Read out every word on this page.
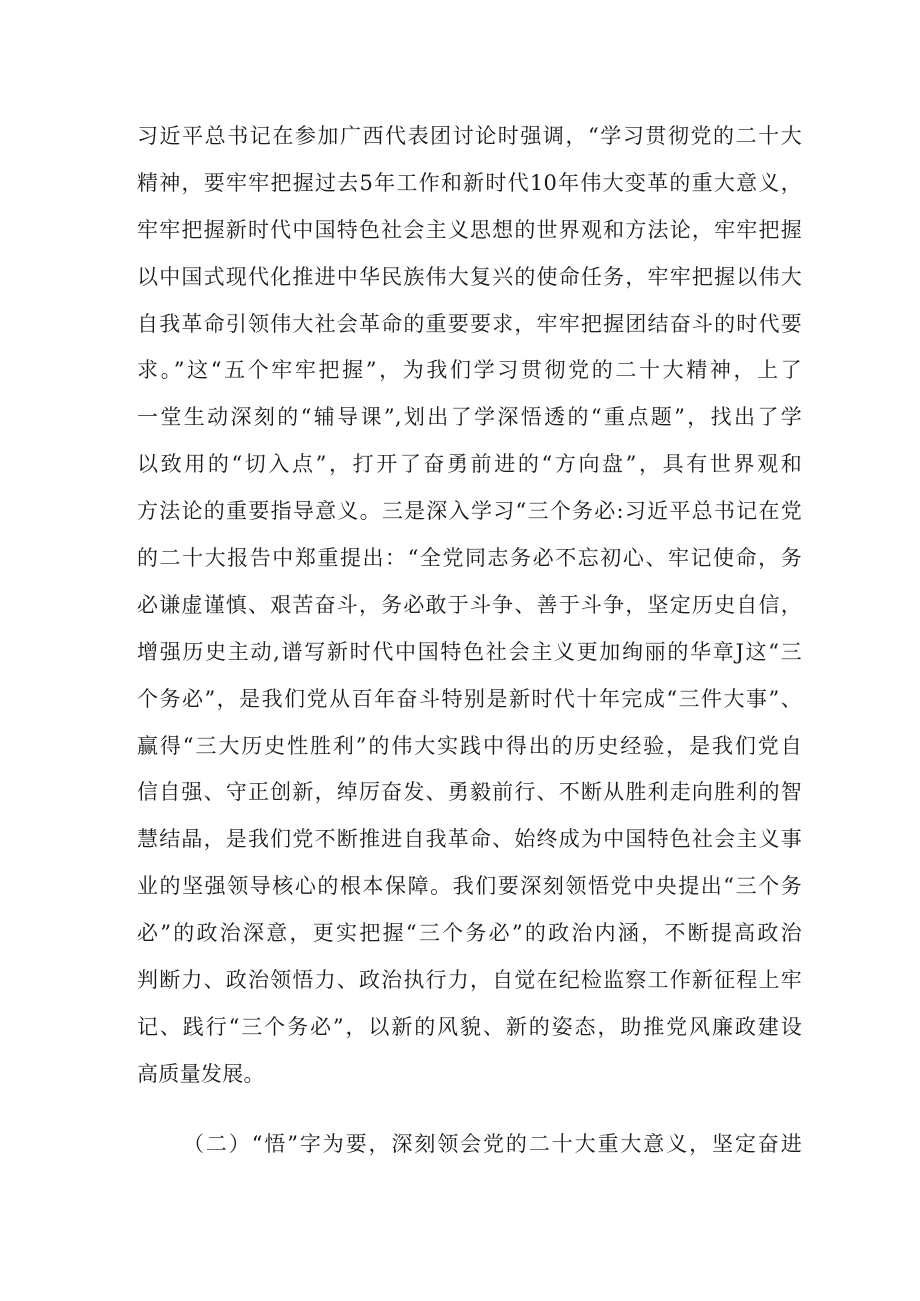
习近平总书记在参加广西代表团讨论时强调，“学习贯彻党的二十大
精神，要牢牢把握过去5年工作和新时代10年伟大变革的重大意义，
牢牢把握新时代中国特色社会主义思想的世界观和方法论，牢牢把握
以中国式现代化推进中华民族伟大复兴的使命任务，牢牢把握以伟大
自我革命引领伟大社会革命的重要要求，牢牢把握团结奋斗的时代要
求。”这“五个牢牢把握”，为我们学习贯彻党的二十大精神，上了
一堂生动深刻的“辅导课”,划出了学深悟透的“重点题”，找出了学
以致用的“切入点”，打开了奋勇前进的“方向盘”，具有世界观和
方法论的重要指导意义。三是深入学习“三个务必:习近平总书记在党
的二十大报告中郑重提出：“全党同志务必不忘初心、牢记使命，务
必谦虚谨慎、艰苦奋斗，务必敢于斗争、善于斗争，坚定历史自信，
增强历史主动,谱写新时代中国特色社会主义更加绚丽的华章J这“三
个务必”，是我们党从百年奋斗特别是新时代十年完成“三件大事”、
赢得“三大历史性胜利”的伟大实践中得出的历史经验，是我们党自
信自强、守正创新，绰厉奋发、勇毅前行、不断从胜利走向胜利的智
慧结晶，是我们党不断推进自我革命、始终成为中国特色社会主义事
业的坚强领导核心的根本保障。我们要深刻领悟党中央提出“三个务
必”的政治深意，更实把握“三个务必”的政治内涵，不断提高政治
判断力、政治领悟力、政治执行力，自觉在纪检监察工作新征程上牢
记、践行“三个务必”，以新的风貌、新的姿态，助推党风廉政建设
高质量发展。
（二）“悟”字为要，深刻领会党的二十大重大意义，坚定奋进
